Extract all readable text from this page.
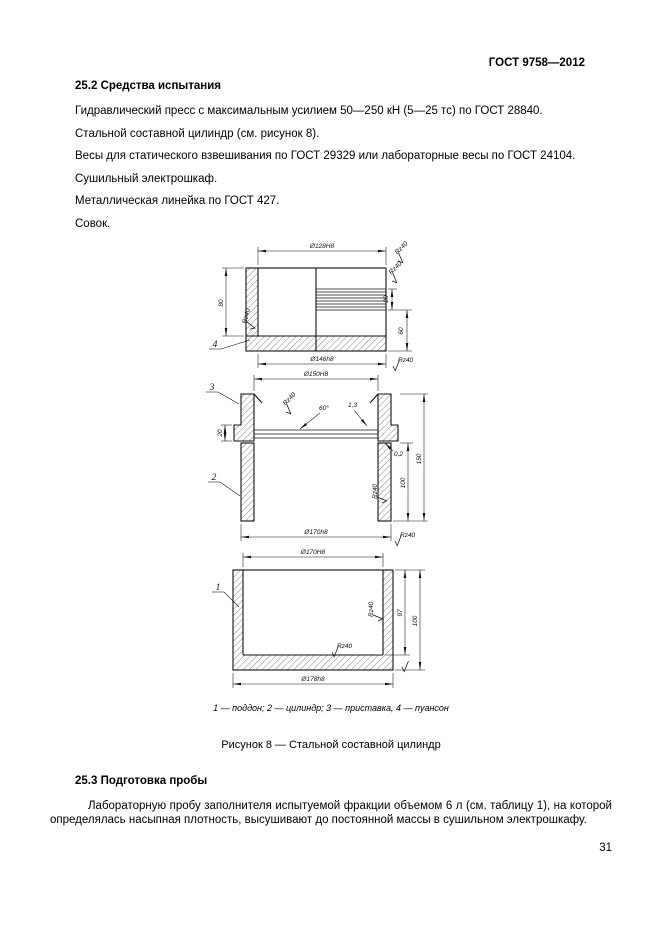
ГОСТ 9758—2012
25.2 Средства испытания

Гидравлический пресс с максимальным усилием 50—250 кН (5—25 тс) по ГОСТ 28840.

Стальной составной цилиндр (см. рисунок 8).

Весы для статического взвешивания по ГОСТ 29329 или лабораторные весы по ГОСТ 24104.

Сушильный электрошкаф.

Металлическая линейка по ГОСТ 427.

Совок.

Ø128H8
80
20
60
Ø146h8
Ø150H8
60°	1,3
20
0,2 150
100
Ø170h8
Ø170H8
97
100
Ø178h8
Rz40
Rz40
Rz40
Rz40
Rz40
Rz40
Rz40
Rz40
Rz40
4
3
2
1
1 — поддон; 2 — цилиндр; 3 — приставка, 4 — пуансон
Рисунок 8 — Стальной составной цилиндр
25.3 Подготовка пробы

Лабораторную пробу заполнителя испытуемой фракции объемом 6 л (см. таблицу 1), на которой определялась насыпная плотность, высушивают до постоянной массы в сушильном электрошкафу.

31
